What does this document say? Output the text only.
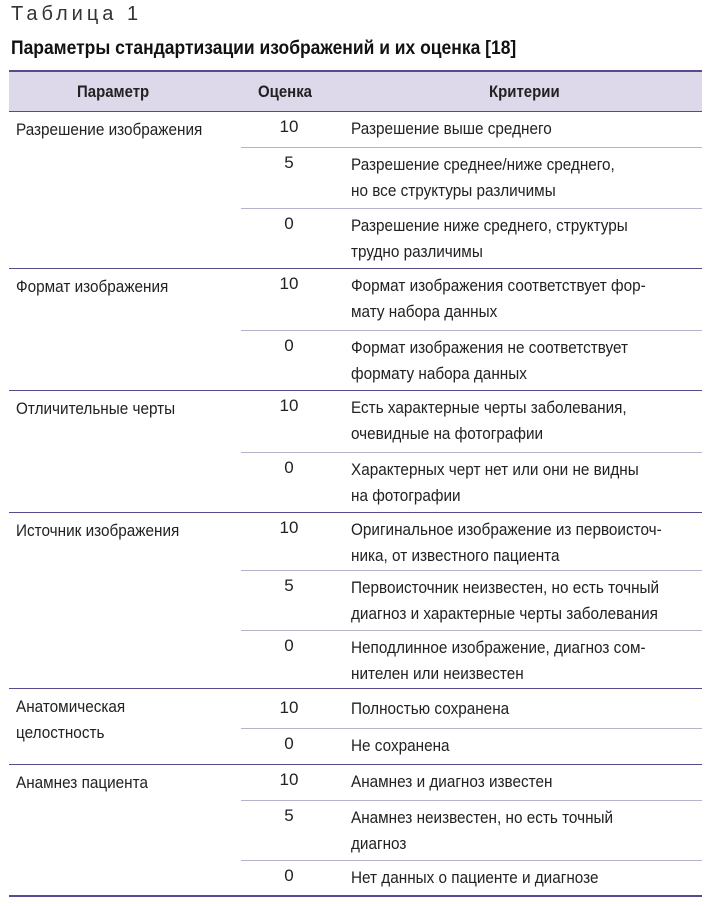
Таблица 1
Параметры стандартизации изображений и их оценка [18]
Параметр	Оценка	Критерии
Разрешение изображения	10	Разрешение выше среднего
5	Разрешение среднее/ниже среднего,
но все структуры различимы
0	Разрешение ниже среднего, структуры
трудно различимы
Формат изображения	10	Формат изображения соответствует фор-
мату набора данных
0	Формат изображения не соответствует
формату набора данных
Отличительные черты	10	Есть характерные черты заболевания,
очевидные на фотографии
0	Характерных черт нет или они не видны
на фотографии
Источник изображения	10	Оригинальное изображение из первоисточ-
ника, от известного пациента
5	Первоисточник неизвестен, но есть точный
диагноз и характерные черты заболевания
0	Неподлинное изображение, диагноз сом-
нителен или неизвестен
Анатомическая
целостность
10	Полностью сохранена
0	Не сохранена
Анамнез пациента	10	Анамнез и диагноз известен
5	Анамнез неизвестен, но есть точный
диагноз
0	Нет данных о пациенте и диагнозе
